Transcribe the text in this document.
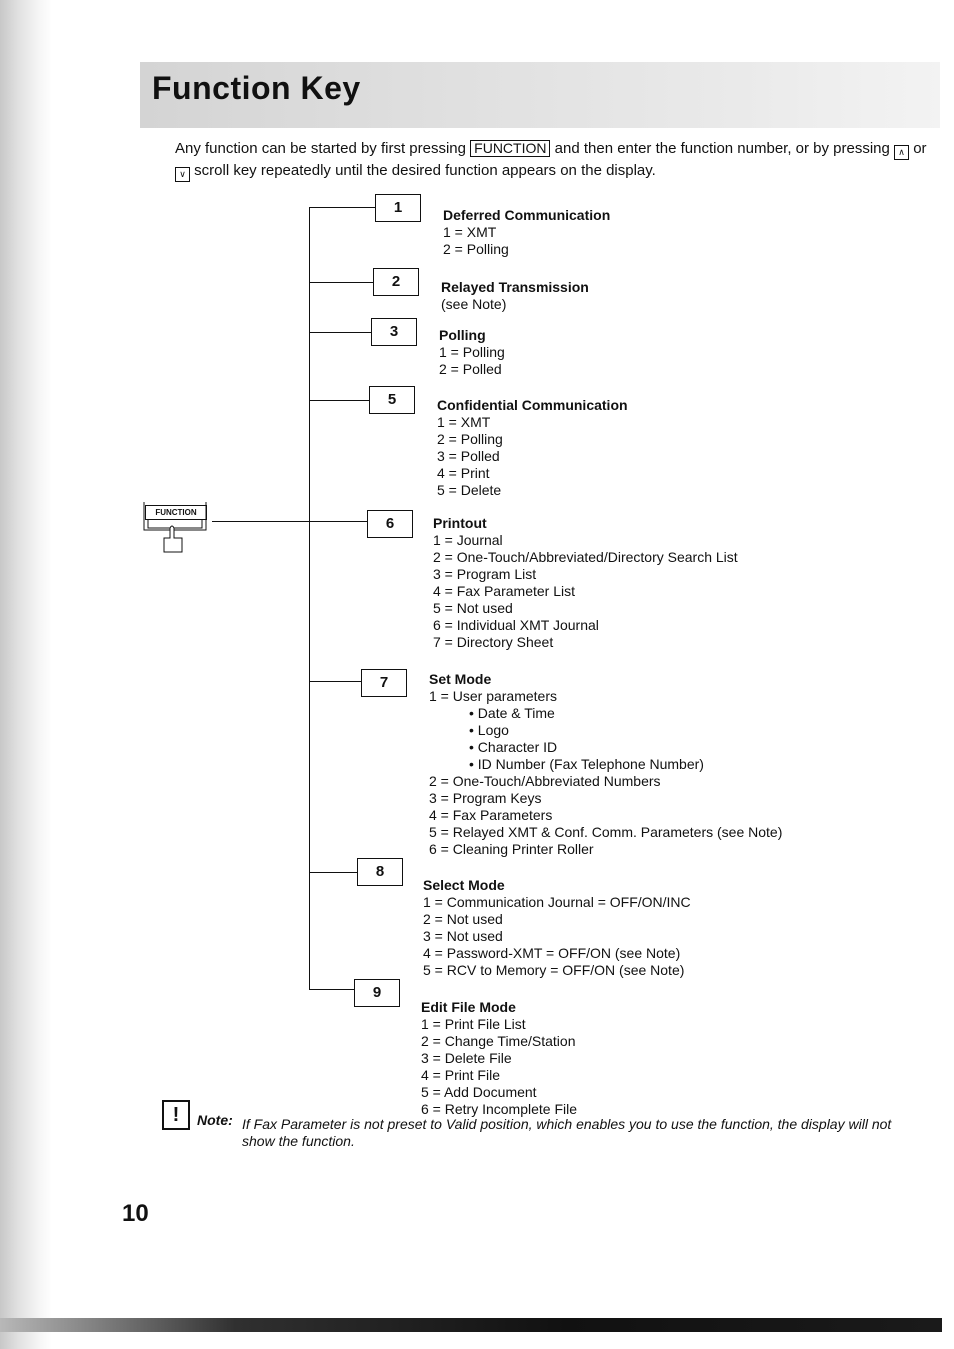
Function Key

Any function can be started by first pressing FUNCTION and then enter the function number, or by pressing ∧ or ∨ scroll key repeatedly until the desired function appears on the display.

FUNCTION
1
2
3
5
6
7
8
9
Deferred Communication
1 = XMT
2 = Polling
Relayed Transmission
(see Note)
Polling
1 = Polling
2 = Polled
Confidential Communication
1 = XMT
2 = Polling
3 = Polled
4 = Print
5 = Delete
Printout
1 = Journal
2 = One-Touch/Abbreviated/Directory Search List
3 = Program List
4 = Fax Parameter List
5 = Not used
6 = Individual XMT Journal
7 = Directory Sheet
Set Mode
1 = User parameters
• Date & Time
• Logo
• Character ID
• ID Number (Fax Telephone Number)
2 = One-Touch/Abbreviated Numbers
3 = Program Keys
4 = Fax Parameters
5 = Relayed XMT & Conf. Comm. Parameters (see Note)
6 = Cleaning Printer Roller
Select Mode
1 = Communication Journal = OFF/ON/INC
2 = Not used
3 = Not used
4 = Password-XMT = OFF/ON (see Note)
5 = RCV to Memory = OFF/ON (see Note)
Edit File Mode
1 = Print File List
2 = Change Time/Station
3 = Delete File
4 = Print File
5 = Add Document
6 = Retry Incomplete File
!	Note: If Fax Parameter is not preset to Valid position, which enables you to use the function, the display will not show the function.
10
